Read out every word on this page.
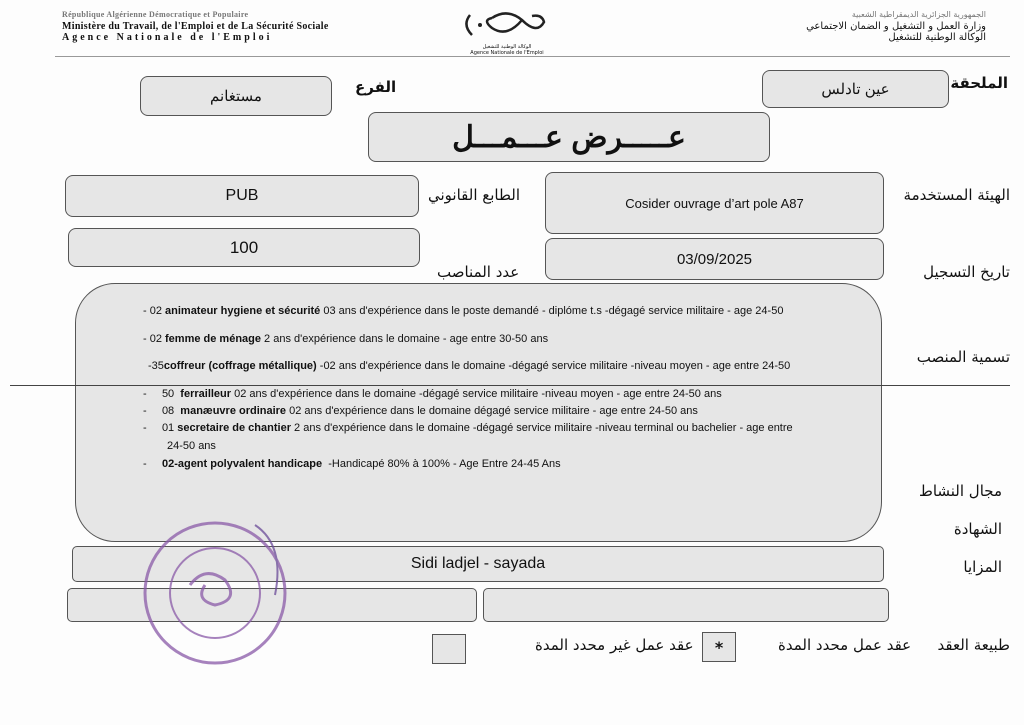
République Algérienne Démocratique et Populaire
Ministère du Travail, de l'Emploi et de La Sécurité Sociale
Agence Nationale de l'Emploi
الوكالة الوطنية للتشغيل
Agence Nationale de l'Emploi
الجمهورية الجزائرية الديمقراطية الشعبية
وزارة العمل و التشغيل و الضمان الاجتماعي
الوكالة الوطنية للتشغيل
الملحقة
عين تادلس
الفرع
مستغانم
عـــــرض عـــمـــل
الهيئة المستخدمة
Cosider ouvrage d’art pole A87
الطابع القانوني
PUB
100
عدد المناصب
03/09/2025
تاريخ التسجيل
تسمية المنصب
- 02 animateur hygiene et sécurité 03 ans d'expérience dans le poste demandé - diplóme t.s -dégagé service militaire - age 24-50
- 02 femme de ménage 2 ans d'expérience dans le domaine - age entre 30-50 ans
-35coffreur (coffrage métallique) -02 ans d'expérience dans le domaine -dégagé service militaire -niveau moyen - age entre 24-50
-     50  ferrailleur 02 ans d'expérience dans le domaine -dégagé service militaire -niveau moyen - age entre 24-50 ans
-     08  manæuvre ordinaire 02 ans d'expérience dans le domaine dégagé service militaire - age entre 24-50 ans
-     01 secretaire de chantier 2 ans d'expérience dans le domaine -dégagé service militaire -niveau terminal ou bachelier - age entre
24-50 ans
-     02-agent polyvalent handicape  -Handicapé 80% à 100% - Age Entre 24-45 Ans
مجال النشاط
الشهادة
المزايا
Sidi ladjel - sayada
طبيعة العقد
عقد عمل محدد المدة
*
عقد عمل غير محدد المدة
